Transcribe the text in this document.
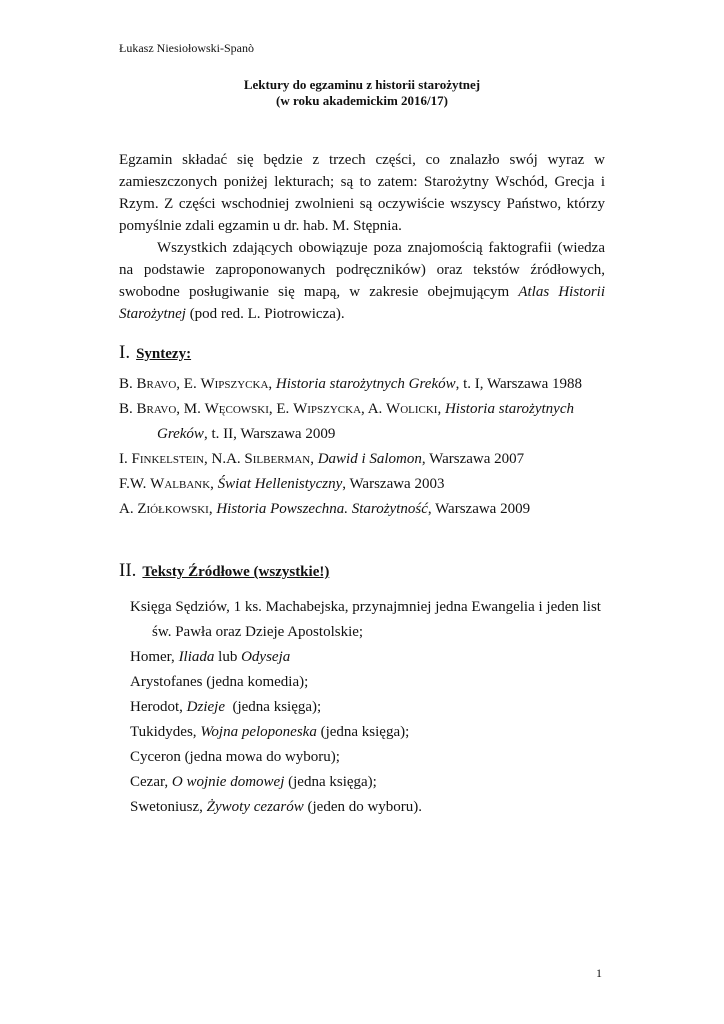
Łukasz Niesiołowski-Spanò
Lektury do egzaminu z historii starożytnej
(w roku akademickim 2016/17)

Egzamin składać się będzie z trzech części, co znalazło swój wyraz w zamieszczonych poniżej lekturach; są to zatem: Starożytny Wschód, Grecja i Rzym. Z części wschodniej zwolnieni są oczywiście wszyscy Państwo, którzy pomyślnie zdali egzamin u dr. hab. M. Stępnia.

Wszystkich zdających obowiązuje poza znajomością faktografii (wiedza na podstawie zaproponowanych podręczników) oraz tekstów źródłowych, swobodne posługiwanie się mapą, w zakresie obejmującym Atlas Historii Starożytnej (pod red. L. Piotrowicza).

I. Syntezy:
B. Bravo, E. Wipszycka, Historia starożytnych Greków, t. I, Warszawa 1988
B. Bravo, M. Węcowski, E. Wipszycka, A. Wolicki, Historia starożytnych Greków, t. II, Warszawa 2009
I. Finkelstein, N.A. Silberman, Dawid i Salomon, Warszawa 2007
F.W. Walbank, Świat Hellenistyczny, Warszawa 2003
A. Ziółkowski, Historia Powszechna. Starożytność, Warszawa 2009
II. Teksty Źródłowe (wszystkie!)
Księga Sędziów, 1 ks. Machabejska, przynajmniej jedna Ewangelia i jeden list św. Pawła oraz Dzieje Apostolskie;
Homer, Iliada lub Odyseja
Arystofanes (jedna komedia);
Herodot, Dzieje  (jedna księga);
Tukidydes, Wojna peloponeska (jedna księga);
Cyceron (jedna mowa do wyboru);
Cezar, O wojnie domowej (jedna księga);
Swetoniusz, Żywoty cezarów (jeden do wyboru).
1
